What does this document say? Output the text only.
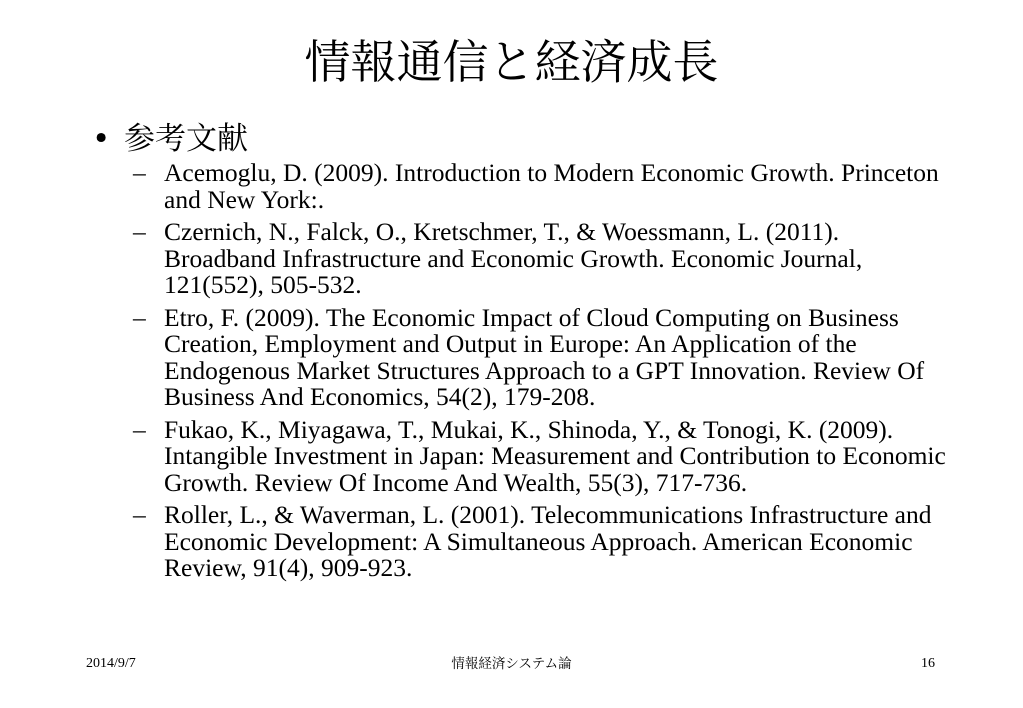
情報通信と経済成長
• 参考文献
– Acemoglu, D. (2009). Introduction to Modern Economic Growth. Princeton and New York:.
– Czernich, N., Falck, O., Kretschmer, T., & Woessmann, L. (2011). Broadband Infrastructure and Economic Growth. Economic Journal, 121(552), 505-532.
– Etro, F. (2009). The Economic Impact of Cloud Computing on Business Creation, Employment and Output in Europe: An Application of the Endogenous Market Structures Approach to a GPT Innovation. Review Of Business And Economics, 54(2), 179-208.
– Fukao, K., Miyagawa, T., Mukai, K., Shinoda, Y., & Tonogi, K. (2009). Intangible Investment in Japan: Measurement and Contribution to Economic Growth. Review Of Income And Wealth, 55(3), 717-736.
– Roller, L., & Waverman, L. (2001). Telecommunications Infrastructure and Economic Development: A Simultaneous Approach. American Economic Review, 91(4), 909-923.
2014/9/7	情報経済システム論	16
